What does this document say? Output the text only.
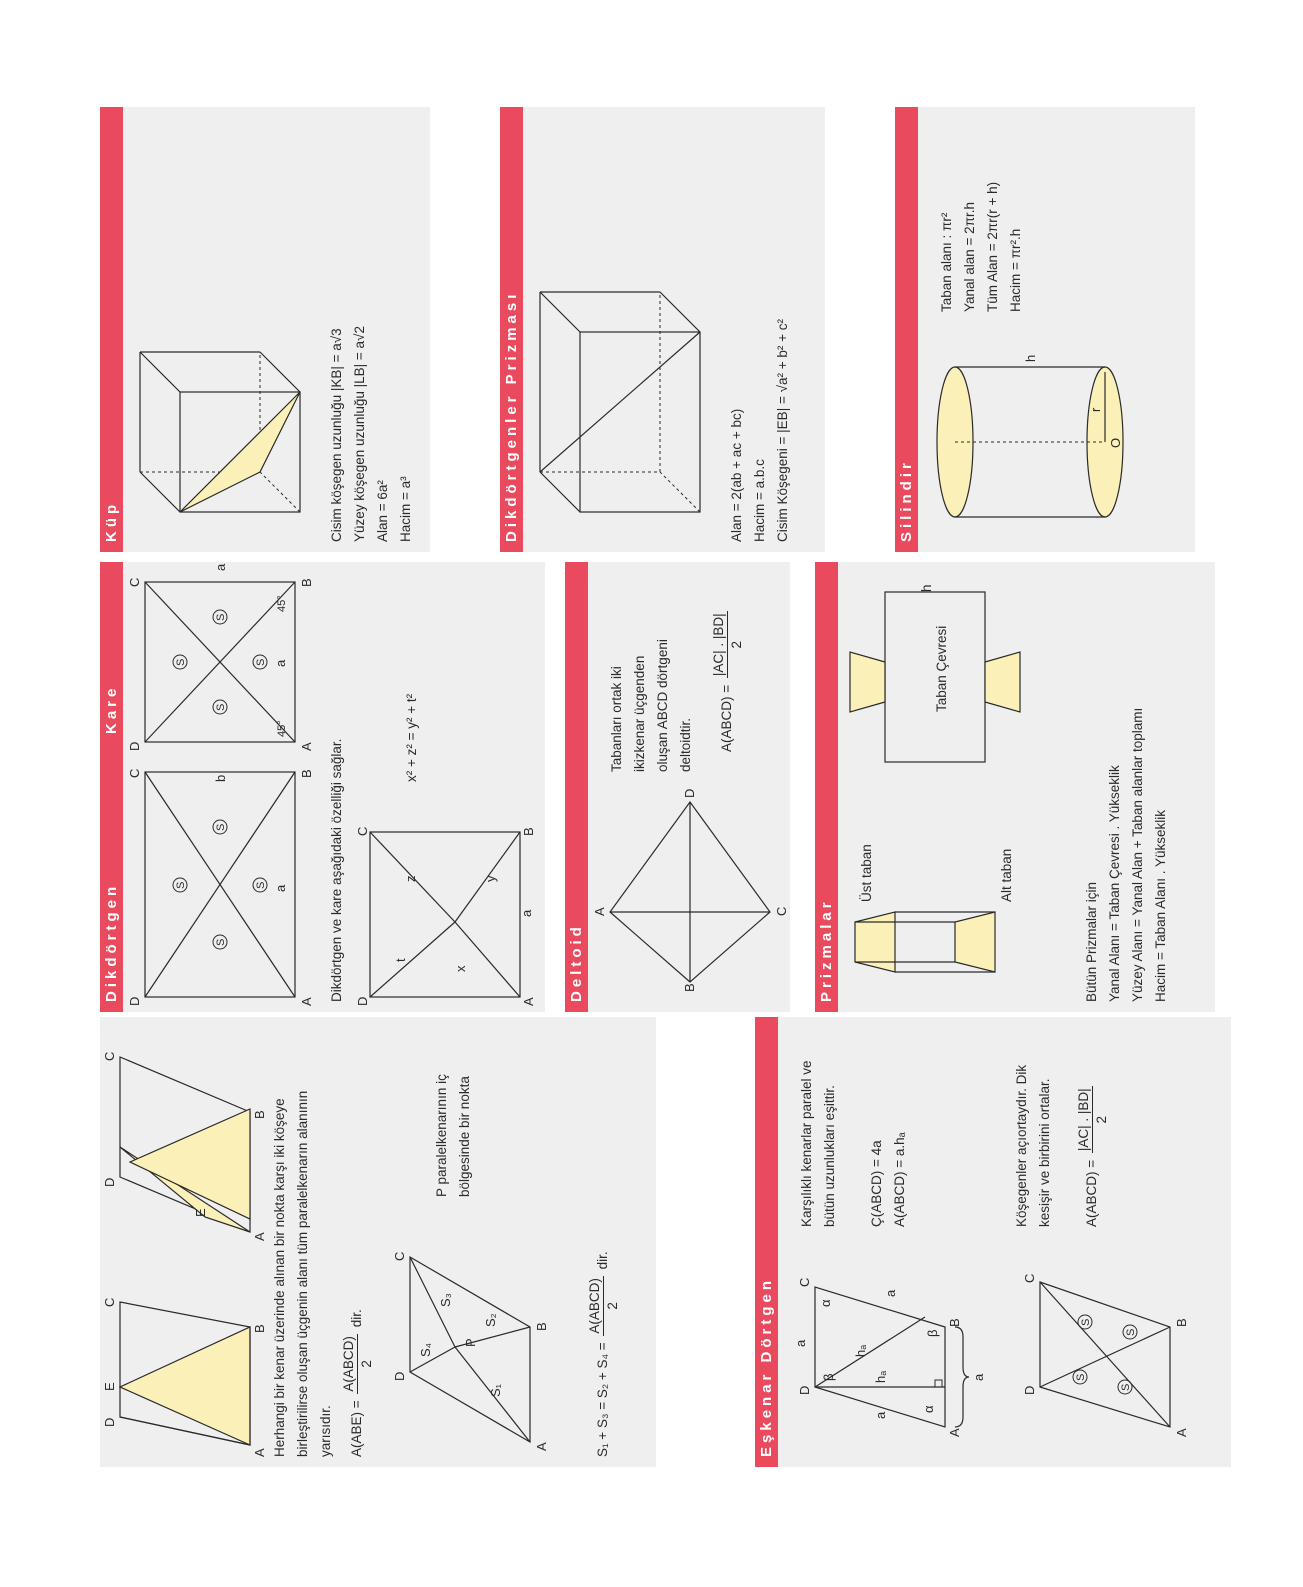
A
B
D
E
C
A
E
B
D
C
Herhangi bir kenar üzerinde alınan bir nokta karşı iki köşeye birleştirilirse oluşan üçgenin alanı tüm paralelkenarın alanının yarısıdır.	A(ABE) =
A(ABCD) 2
dir.
A
B
D
C
P
S₁
S₂
S₃
S₄
P paralelkenarının iç bölgesinde bir nokta
S₁ + S₃ = S₂ + S₄ =
A(ABCD) 2
dir.
Eşkenar Dörtgen	A
B
D
C
a
a
a
hₐ
hₐ
α
α
β
β
a
Karşılıklı kenarlar paralel ve bütün uzunlukları eşittir. Ç(ABCD) = 4a A(ABCD) = a.hₐ
A
B
D
C
S
S
S
S
Köşegenler açıortaydır. Dik kesişir ve birbirini ortalar.	A(ABCD) =
|AC| . |BD| 2
Dikdörtgen
Kare
A
B
D
C
a
b
S
S	S
S
A
B
D
C
a
a
45°
45°
S
S	S
S
Dikdörtgen ve kare aşağıdaki özelliği sağlar.	A
B
D
C
a
x
y
z
t
x² + z² = y² + t²
Deltoid	B
A
D
C
Tabanları ortak iki ikizkenar üçgenden oluşan ABCD dörtgeni deltoidtir.	A(ABCD) =
|AC| . |BD| 2
Prizmalar
Üst taban	Alt taban
Taban Çevresi
h
Bütün Prizmalar için Yanal Alanı = Taban Çevresi . Yükseklik Yüzey Alanı = Yanal Alan + Taban alanlar toplamı Hacim = Taban Alanı . Yükseklik
Küp	Cisim köşegen uzunluğu |KB| = a√3 Yüzey köşegen uzunluğu |LB| = a√2 Alan = 6a² Hacim = a³	Dikdörtgenler Prizması	Alan = 2(ab + ac + bc) Hacim = a.b.c Cisim Köşegeni = |EB| = √a² + b² + c²	Silindir
h
r
O
Taban alanı : πr² Yanal alan = 2πr.h Tüm Alan = 2πr(r + h) Hacim = πr².h
